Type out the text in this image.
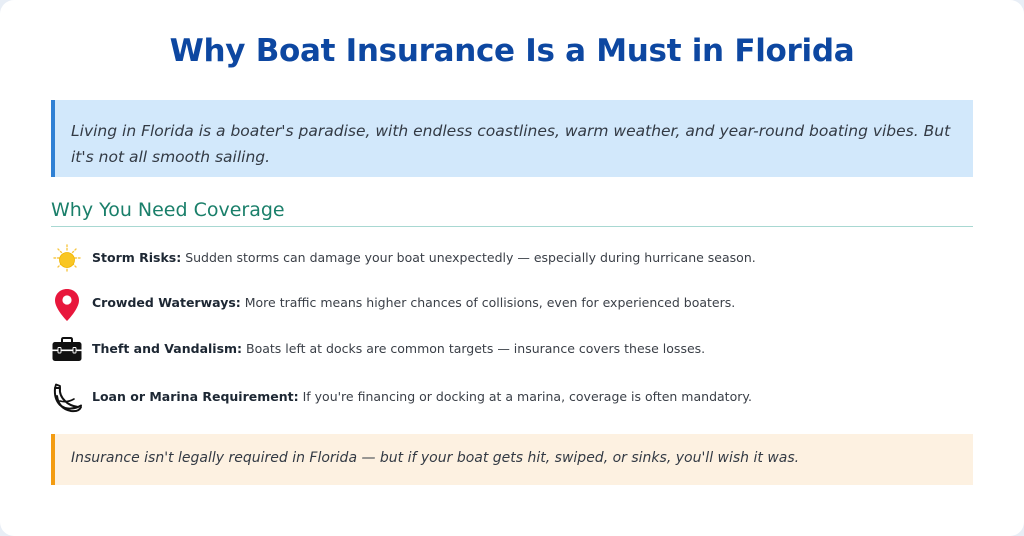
Why Boat Insurance Is a Must in Florida
Living in Florida is a boater's paradise, with endless coastlines, warm weather, and year-round boating vibes. But it's not all smooth sailing.
Why You Need Coverage
Storm Risks: Sudden storms can damage your boat unexpectedly — especially during hurricane season.
Crowded Waterways: More traffic means higher chances of collisions, even for experienced boaters.
Theft and Vandalism: Boats left at docks are common targets — insurance covers these losses.
Loan or Marina Requirement: If you're financing or docking at a marina, coverage is often mandatory.
Insurance isn't legally required in Florida — but if your boat gets hit, swiped, or sinks, you'll wish it was.
